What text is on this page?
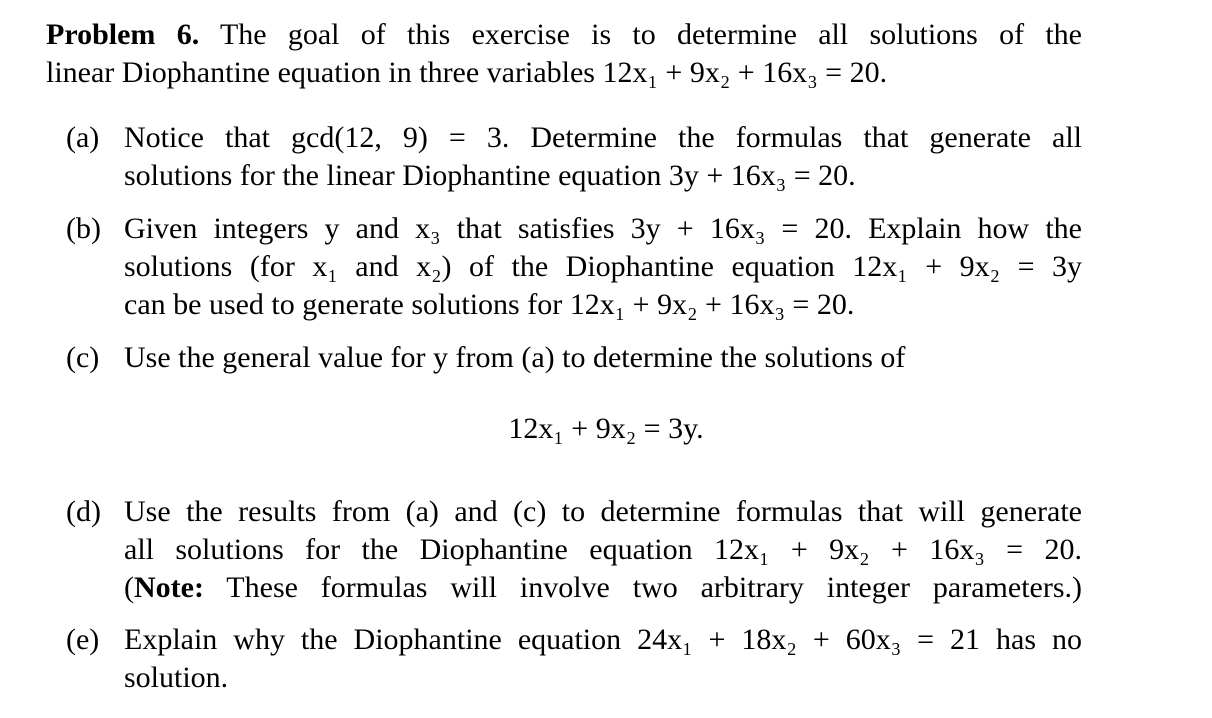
Problem 6. The goal of this exercise is to determine all solutions of the
linear Diophantine equation in three variables 12x₁ + 9x₂ + 16x₃ = 20.
(a) Notice that gcd(12, 9) = 3. Determine the formulas that generate all
solutions for the linear Diophantine equation 3y + 16x₃ = 20.
(b) Given integers y and x₃ that satisfies 3y + 16x₃ = 20. Explain how the
solutions (for x₁ and x₂) of the Diophantine equation 12x₁ + 9x₂ = 3y
can be used to generate solutions for 12x₁ + 9x₂ + 16x₃ = 20.
(c) Use the general value for y from (a) to determine the solutions of
12x₁ + 9x₂ = 3y.
(d) Use the results from (a) and (c) to determine formulas that will generate
all solutions for the Diophantine equation 12x₁ + 9x₂ + 16x₃ = 20.
(Note: These formulas will involve two arbitrary integer parameters.)
(e) Explain why the Diophantine equation 24x₁ + 18x₂ + 60x₃ = 21 has no
solution.
